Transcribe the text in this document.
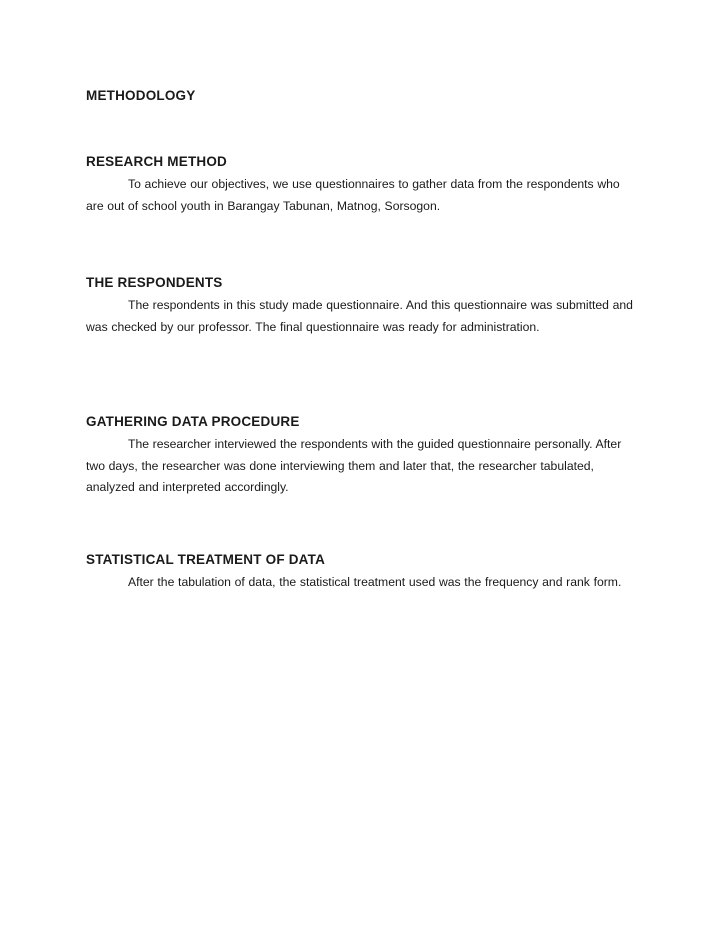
METHODOLOGY
RESEARCH METHOD

To achieve our objectives, we use questionnaires to gather data from the respondents who are out of school youth in Barangay Tabunan, Matnog, Sorsogon.

THE RESPONDENTS

The respondents in this study made questionnaire. And this questionnaire was submitted and was checked by our professor. The final questionnaire was ready for administration.

GATHERING DATA PROCEDURE

The researcher interviewed the respondents with the guided questionnaire personally. After two days, the researcher was done interviewing them and later that, the researcher tabulated, analyzed and interpreted accordingly.

STATISTICAL TREATMENT OF DATA

After the tabulation of data, the statistical treatment used was the frequency and rank form.
